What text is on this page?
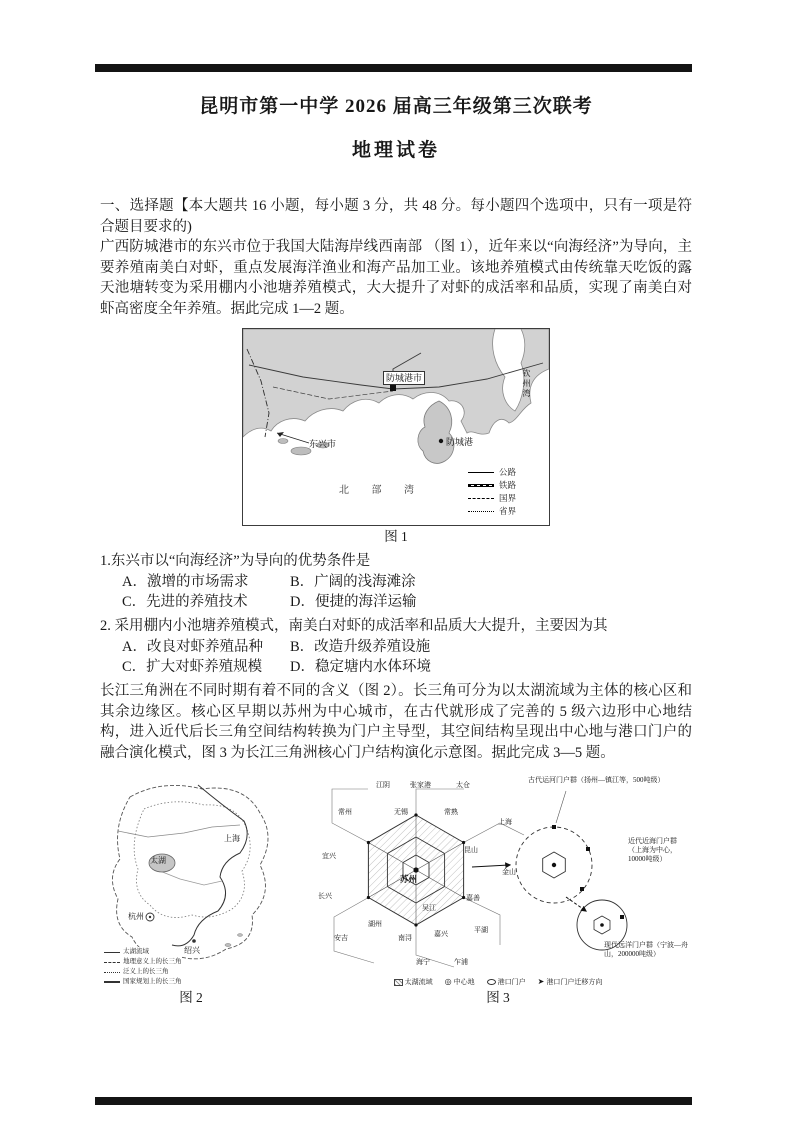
昆明市第一中学 2026 届高三年级第三次联考
地理试卷
一、选择题【本大题共 16 小题，每小题 3 分，共 48 分。每小题四个选项中，只有一项是符合题目要求的)
广西防城港市的东兴市位于我国大陆海岸线西南部 （图 1），近年来以“向海经济”为导向，主要养殖南美白对虾，重点发展海洋渔业和海产品加工业。该地养殖模式由传统靠天吃饭的露天池塘转变为采用棚内小池塘养殖模式，大大提升了对虾的成活率和品质，实现了南美白对虾高密度全年养殖。据此完成 1—2 题。
防城港市
东兴市	防城港
北 部 湾
钦州湾
公路
铁路
国界
省界
图 1
1.东兴市以“向海经济”为导向的优势条件是
A．激增的市场需求	B．广阔的浅海滩涂
C．先进的养殖技术	D．便捷的海洋运输
2. 采用棚内小池塘养殖模式，南美白对虾的成活率和品质大大提升，主要因为其
A．改良对虾养殖品种	B．改造升级养殖设施
C．扩大对虾养殖规模	D．稳定塘内水体环境
长江三角洲在不同时期有着不同的含义（图 2）。长三角可分为以太湖流域为主体的核心区和其余边缘区。核心区早期以苏州为中心城市，在古代就形成了完善的 5 级六边形中心地结构，进入近代后长三角空间结构转换为门户主导型，其空间结构呈现出中心地与港口门户的融合演化模式，图 3 为长江三角洲核心门户结构演化示意图。据此完成 3—5 题。
太湖
上海
杭州
绍兴
太湖流域
地理意义上的长三角
泛义上的长三角
国家规划上的长三角
图 2
江阴	张家港	太仓
常州	无锡	常熟
上海
宜兴
昆山
金山
长兴
吴江
嘉善
安吉
湖州
南浔	嘉兴	平湖
海宁	乍浦
苏州
古代运河门户群（扬州—镇江等，500吨级）
近代近海门户群（上海为中心，10000吨级）
现代远洋门户群（宁波—舟山，200000吨级）
太湖流域 ◎ 中心地	港口门户 ➤ 港口门户迁移方向
图 3
